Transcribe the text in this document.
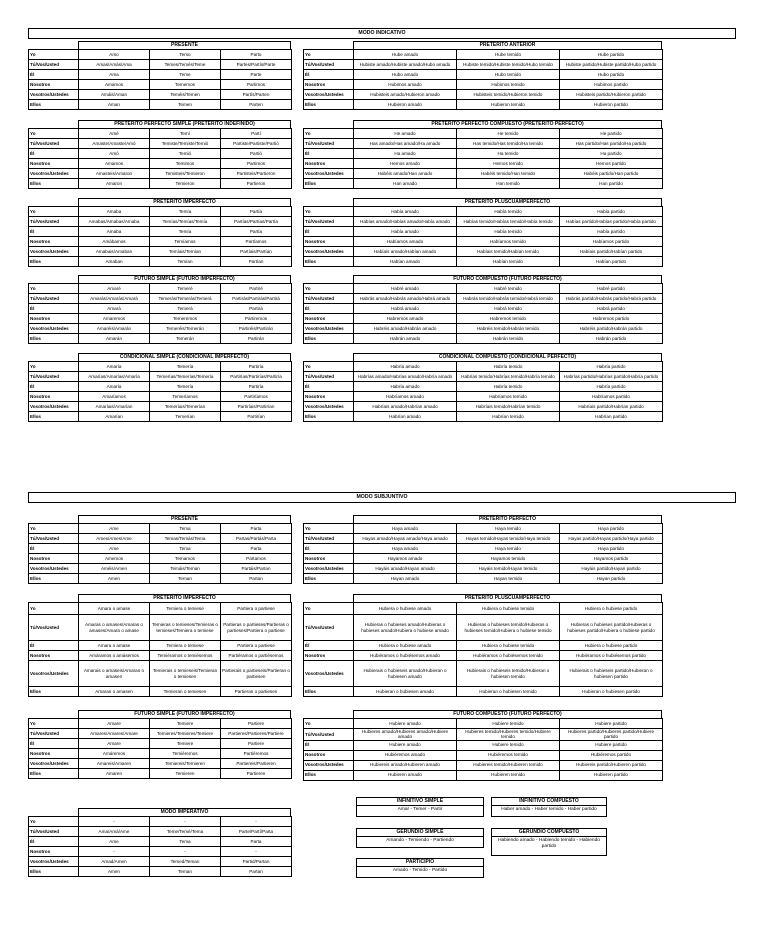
MODO INDICATIVO
MODO SUBJUNTIVO
PRESENTE
Yo	Amo	Temo	Parto
Tú/Vos/Usted	Amas/Amás/Ama	Temes/Temés/Teme	Partes/Partís/Parte
Él	Ama	Teme	Parte
Nosotros	Amamos	Tememos	Partimos
Vosotros/Ustedes	Amáis/Aman	Teméis/Temen	Partís/Parten
Ellos	Aman	Temen	Parten
PRETÉRITO ANTERIOR
Yo	Hube amado	Hube temido	Hube partido
Tú/Vos/Usted	Hubiste amado/Hubiste amado/Hubo amado	Hubiste temido/Hubiste temido/Hubo temido	Hubiste partido/Hubiste partido/Hubo partido
Él	Hubo amado	Hubo temido	Hubo partido
Nosotros	Hubimos amado	Hubimos temido	Hubimos partido
Vosotros/Ustedes	Hubisteis amado/Hubieron amado	Hubisteis temido/Hubieron temido	Hubisteis partido/Hubieron partido
Ellos	Hubieron amado	Hubieron temido	Hubieron partido
PRETÉRITO PERFECTO SIMPLE (PRETÉRITO INDEFINIDO)
Yo	Amé	Temí	Partí
Tú/Vos/Usted	Amaste/Amaste/Amó	Temiste/Temiste/Temió	Partiste/Partiste/Partió
Él	Amó	Temió	Partió
Nosotros	Amamos	Temimos	Partimos
Vosotros/Ustedes	Amasteis/Amaron	Temisteis/Temieron	Partisteis/Partieron
Ellos	Amaron	Temieron	Partieron
PRETÉRITO PERFECTO COMPUESTO (PRETÉRITO PERFECTO)
Yo	He amado	He temido	He partido
Tú/Vos/Usted	Has amado/Has amado/Ha amado	Has temido/Has temido/Ha temido	Has partido/Has partido/Ha partido
Él	Ha amado	Ha temido	Ha partido
Nosotros	Hemos amado	Hemos temido	Hemos partido
Vosotros/Ustedes	Habéis amado/Han amado	Habéis temido/Han temido	Habéis partido/Han partido
Ellos	Han amado	Han temido	Han partido
PRETÉRITO IMPERFECTO
Yo	Amaba	Temía	Partía
Tú/Vos/Usted	Amabas/Amabas/Amaba	Temías/Temías/Temía	Partías/Partías/Partía
Él	Amaba	Temía	Partía
Nosotros	Amábamos	Temíamos	Partíamos
Vosotros/Ustedes	Amabais/Amaban	Temíais/Temían	Partíais/Partían
Ellos	Amaban	Temían	Partían
PRETÉRITO PLUSCUAMPERFECTO
Yo	Había amado	Había temido	Había partido
Tú/Vos/Usted	Habías amado/Habías amado/Había amado	Habías temido/Habías temido/Había temido	Habías partido/Habías partido/Había partido
Él	Había amado	Había temido	Había partido
Nosotros	Habíamos amado	Habíamos temido	Habíamos partido
Vosotros/Ustedes	Habíais amado/Habían amado	Habíais temido/Habían temido	Habíais partido/Habían partido
Ellos	Habían amado	Habían temido	Habían partido
FUTURO SIMPLE (FUTURO IMPERFECTO)
Yo	Amaré	Temeré	Partiré
Tú/Vos/Usted	Amarás/Amarás/Amará	Temerás/Temerás/Temerá	Partirás/Partirás/Partirá
Él	Amará	Temerá	Partirá
Nosotros	Amaremos	Temeremos	Partiremos
Vosotros/Ustedes	Amaréis/Amarán	Temeréis/Temerán	Partiréis/Partirán
Ellos	Amarán	Temerán	Partirán
FUTURO COMPUESTO (FUTURO PERFECTO)
Yo	Habré amado	Habré temido	Habré partido
Tú/Vos/Usted	Habrás amado/Habrás amado/Habrá amado	Habrás temido/Habrás temido/Habrá temido	Habrás partido/Habrás partido/Habrá partido
Él	Habrá amado	Habrá temido	Habrá partido
Nosotros	Habremos amado	Habremos temido	Habremos partido
Vosotros/Ustedes	Habréis amado/Habrán amado	Habréis temido/Habrán temido	Habréis partido/Habrán partido
Ellos	Habrán amado	Habrán temido	Habrán partido
CONDICIONAL SIMPLE (CONDICIONAL IMPERFECTO)
Yo	Amaría	Temería	Partiría
Tú/Vos/Usted	Amarías/Amarías/Amaría	Temerías/Temerías/Temería	Partirías/Partirías/Partiría
Él	Amaría	Temería	Partiría
Nosotros	Amaríamos	Temeríamos	Partiríamos
Vosotros/Ustedes	Amaríais/Amarían	Temeríais/Temerían	Partiríais/Partirían
Ellos	Amarían	Temerían	Partirían
CONDICIONAL COMPUESTO (CONDICIONAL PERFECTO)
Yo	Habría amado	Habría temido	Habría partido
Tú/Vos/Usted	Habrías amado/Habrías amado/Habría amado	Habrías temido/Habrías temido/Habría temido	Habrías partido/Habrías partido/Habría partido
Él	Habría amado	Habría temido	Habría partido
Nosotros	Habríamos amado	Habríamos temido	Habríamos partido
Vosotros/Ustedes	Habríais amado/Habrían amado	Habríais temido/Habrían temido	Habríais partido/Habrían partido
Ellos	Habrían amado	Habrían temido	Habrían partido
PRESENTE
Yo	Ame	Tema	Parta
Tú/Vos/Usted	Ames/Ames/Ame	Temas/Temás/Tema	Partas/Partás/Parta
Él	Ame	Tema	Parta
Nosotros	Amemos	Temamos	Partamos
Vosotros/Ustedes	Améis/Amen	Temáis/Teman	Partáis/Partan
Ellos	Amen	Teman	Partan
PRETÉRITO PERFECTO
Yo	Haya amado	Haya temido	Haya partido
Tú/Vos/Usted	Hayas amado/Hayas amado/Haya amado	Hayas temido/Hayas temido/Haya temido	Hayas partido/Hayas partido/Haya partido
Él	Haya amado	Haya temido	Haya partido
Nosotros	Hayamos amado	Hayamos temido	Hayamos partido
Vosotros/Ustedes	Hayáis amado/Hayan amado	Hayáis temido/Hayan temido	Hayáis partido/Hayan partido
Ellos	Hayan amado	Hayan temido	Hayan partido
PRETÉRITO IMPERFECTO
Yo	Amara o amase	Temiera o temiese	Partiera o partiese
Tú/Vos/Usted	Amaras o amases/Amaras o amases/Amara o amase	Temieras o temieses/Temieras o temieses/Temiera o temiese	Partieras o partieses/Partieras o partieses/Partiera o partiese
Él	Amara o amase	Temiera o temiese	Partiera o partiese
Nosotros	Amáramos o amásemos	Temiéramos o temiésemos	Partiéramos o partiésemos
Vosotros/Ustedes	Amarais o amaseis/Amaran o amasen	Temierais o temieseis/Temieran o temiesen	Partierais o partieseis/Partieran o partiesen
Ellos	Amaran o amasen	Temieran o temiesen	Partieran o partiesen
PRETÉRITO PLUSCUAMPERFECTO
Yo	Hubiera o hubiese amado	Hubiera o hubiese temido	Hubiera o hubiese partido
Tú/Vos/Usted	Hubieras o hubieses amado/Hubieras o hubieses amado/Hubiera o hubiese amado	Hubieras o hubieses temido/Hubieras o hubieses temido/Hubiera o hubiese temido	Hubieras o hubieses partido/Hubieras o hubieses partido/Hubiera o hubiese partido
Él	Hubiera o hubiese amado	Hubiera o hubiese temido	Hubiera o hubiese partido
Nosotros	Hubiéramos o hubiésemos amado	Hubiéramos o hubiésemos temido	Hubiéramos o hubiésemos partido
Vosotros/Ustedes	Hubierais o hubieseis amado/Hubieran o hubiesen amado	Hubierais o hubieseis temido/Hubieran o hubiesen temido	Hubierais o hubieseis partido/Hubieran o hubiesen partido
Ellos	Hubieran o hubiesen amado	Hubieran o hubiesen temido	Hubieran o hubiesen partido
FUTURO SIMPLE (FUTURO IMPERFECTO)
Yo	Amare	Temiere	Partiere
Tú/Vos/Usted	Amares/Amares/Amare	Temieres/Temieres/Temiere	Partieres/Partieres/Partiere
Él	Amare	Temiere	Partiere
Nosotros	Amáremos	Temiéremos	Partiéremos
Vosotros/Ustedes	Amareis/Amaren	Temiereis/Temieren	Partiereis/Partieren
Ellos	Amaren	Temieren	Partieren
FUTURO COMPUESTO (FUTURO PERFECTO)
Yo	Hubiere amado	Hubiere temido	Hubiere partido
Tú/Vos/Usted	Hubieres amado/Hubieres amado/Hubiere amado	Hubieres temido/Hubieres temido/Hubiere temido	Hubieres partido/Hubieres partido/Hubiere partido
Él	Hubiere amado	Hubiere temido	Hubiere partido
Nosotros	Hubiéremos amado	Hubiéremos temido	Hubiéremos partido
Vosotros/Ustedes	Hubiereis amado/Hubieren amado	Hubiereis temido/Hubieren temido	Hubiereis partido/Hubieren partido
Ellos	Hubieren amado	Hubieren temido	Hubieren partido
MODO IMPERATIVO
Yo	-	-	-
Tú/Vos/Usted	Ama/Amá/Ame	Teme/Temé/Tema	Parte/Partí/Parta
Él	Ame	Tema	Parta
Nosotros	-	-	-
Vosotros/Ustedes	Amad/Amen	Temed/Teman	Partid/Partan
Ellos	Amen	Teman	Partan
INFINITIVO SIMPLE
Amar - Temer - Partir
INFINITIVO COMPUESTO
Haber amado - Haber temido - Haber partido
GERUNDIO SIMPLE
Amando - Temiendo - Partiendo
GERUNDIO COMPUESTO
Habiendo amado - Habiendo temido - Habiendo partido
PARTICIPIO
Amado - Temido - Partido
